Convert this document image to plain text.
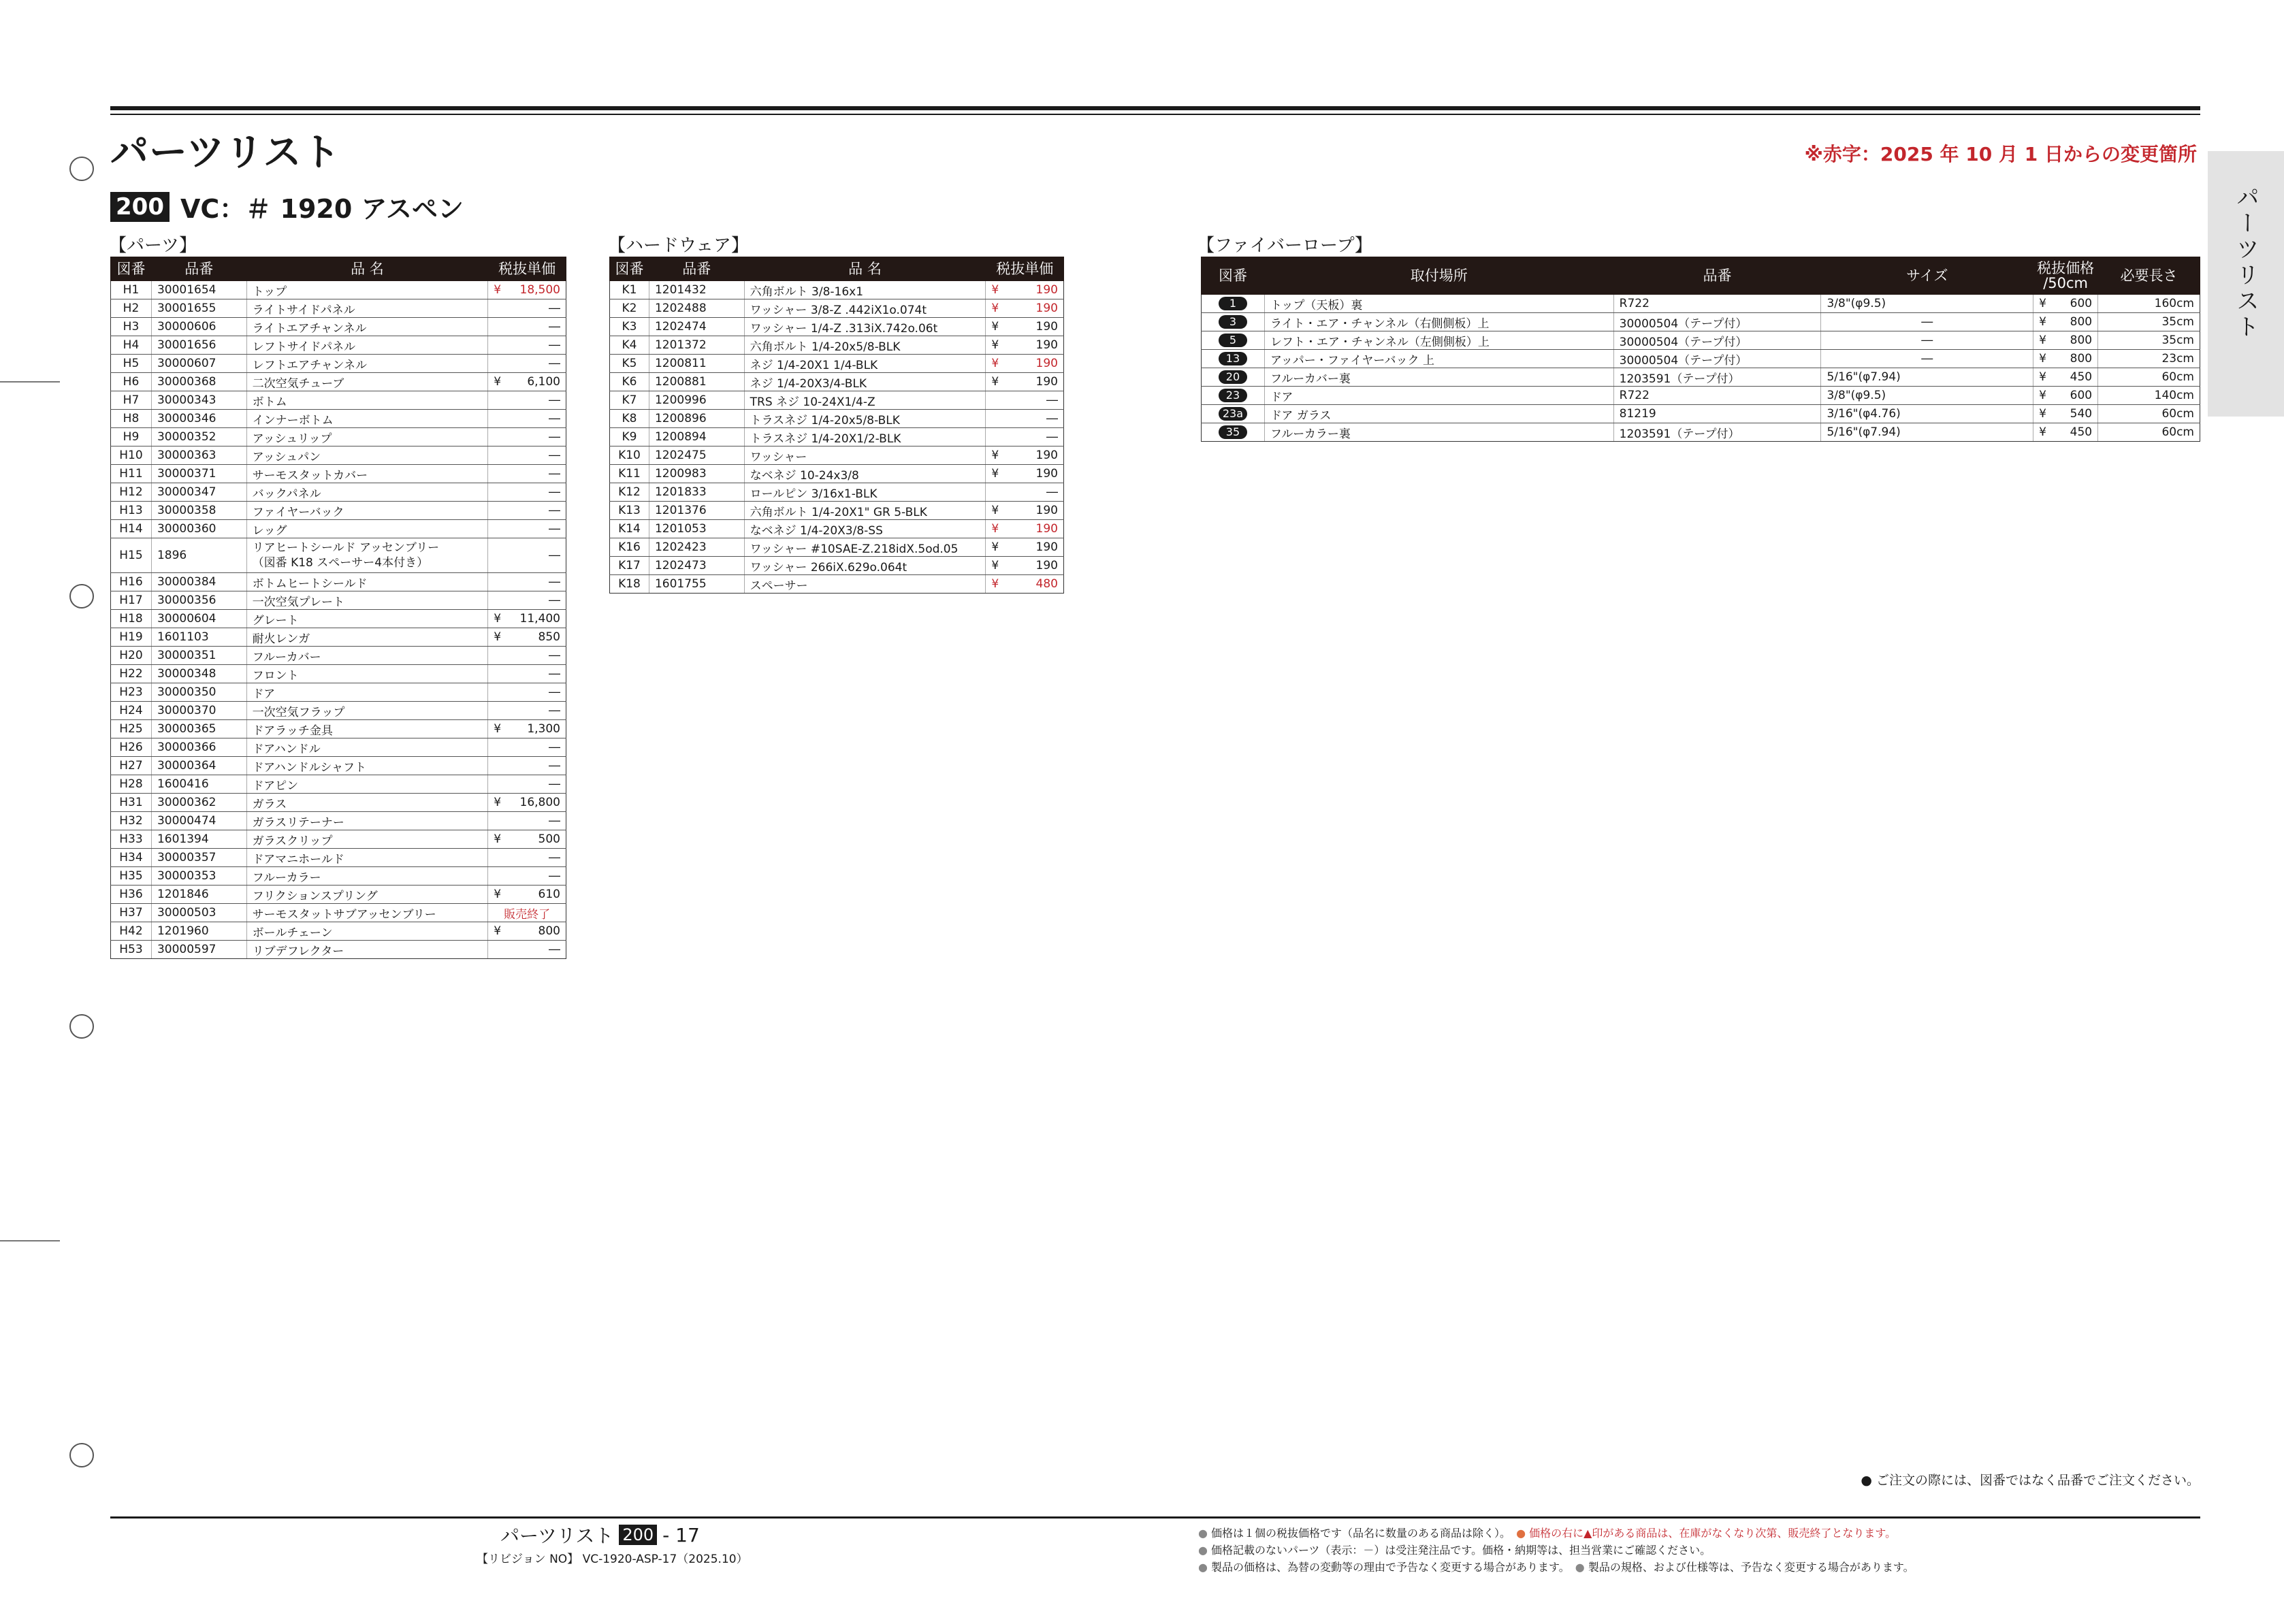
パーツリスト	※赤字：2025 年 10 月 1 日からの変更箇所
200 VC：＃ 1920 アスペン	パーツリスト
【パーツ】	【ハードウェア】	【ファイバーロープ】
図番	品番	品 名	税抜単価
H1	30001654	トップ	¥ 18,500
H2	30001655	ライトサイドパネル	―
H3	30000606	ライトエアチャンネル	―
H4	30001656	レフトサイドパネル	―
H5	30000607	レフトエアチャンネル	―
H6	30000368	二次空気チューブ	¥ 6,100
H7	30000343	ボトム	―
H8	30000346	インナーボトム	―
H9	30000352	アッシュリップ	―
H10	30000363	アッシュパン	―
H11	30000371	サーモスタットカバー	―
H12	30000347	バックパネル	―
H13	30000358	ファイヤーバック	―
H14	30000360	レッグ	―
H15	1896	リアヒートシールド アッセンブリー
（図番 K18 スペーサー4本付き）	―
H16	30000384	ボトムヒートシールド	―
H17	30000356	一次空気プレート	―
H18	30000604	グレート	¥ 11,400
H19	1601103	耐火レンガ	¥ 850
H20	30000351	フルーカバー	―
H22	30000348	フロント	―
H23	30000350	ドア	―
H24	30000370	一次空気フラップ	―
H25	30000365	ドアラッチ金具	¥ 1,300
H26	30000366	ドアハンドル	―
H27	30000364	ドアハンドルシャフト	―
H28	1600416	ドアピン	―
H31	30000362	ガラス	¥ 16,800
H32	30000474	ガラスリテーナー	―
H33	1601394	ガラスクリップ	¥ 500
H34	30000357	ドアマニホールド	―
H35	30000353	フルーカラー	―
H36	1201846	フリクションスプリング	¥ 610
H37	30000503	サーモスタットサブアッセンブリー	販売終了
H42	1201960	ボールチェーン	¥ 800
H53	30000597	リブデフレクター	―
図番	品番	品 名	税抜単価
K1	1201432	六角ボルト 3/8-16x1	¥ 190
K2	1202488	ワッシャー 3/8-Z .442iX1o.074t	¥ 190
K3	1202474	ワッシャー 1/4-Z .313iX.742o.06t	¥ 190
K4	1201372	六角ボルト 1/4-20x5/8-BLK	¥ 190
K5	1200811	ネジ 1/4-20X1 1/4-BLK	¥ 190
K6	1200881	ネジ 1/4-20X3/4-BLK	¥ 190
K7	1200996	TRS ネジ 10-24X1/4-Z	―
K8	1200896	トラスネジ 1/4-20x5/8-BLK	―
K9	1200894	トラスネジ 1/4-20X1/2-BLK	―
K10	1202475	ワッシャー	¥ 190
K11	1200983	なベネジ 10-24x3/8	¥ 190
K12	1201833	ロールピン 3/16x1-BLK	―
K13	1201376	六角ボルト 1/4-20X1" GR 5-BLK	¥ 190
K14	1201053	なベネジ 1/4-20X3/8-SS	¥ 190
K16	1202423	ワッシャー #10SAE-Z.218idX.5od.05	¥ 190
K17	1202473	ワッシャー 266iX.629o.064t	¥ 190
K18	1601755	スペーサー	¥ 480
図番	取付場所	品番	サイズ	税抜価格
/50cm	必要長さ
1	トップ（天板）裏	R722	3/8"(φ9.5)	¥ 600	160cm
3	ライト・エア・チャンネル（右側側板）上	30000504（テープ付）	―	¥ 800	35cm
5	レフト・エア・チャンネル（左側側板）上	30000504（テープ付）	―	¥ 800	35cm
13	アッパー・ファイヤーバック 上	30000504（テープ付）	―	¥ 800	23cm
20	フルーカバー裏	1203591（テープ付）	5/16"(φ7.94)	¥ 450	60cm
23	ドア	R722	3/8"(φ9.5)	¥ 600	140cm
23a	ドア ガラス	81219	3/16"(φ4.76)	¥ 540	60cm
35	フルーカラー裏	1203591（テープ付）	5/16"(φ7.94)	¥ 450	60cm
● ご注文の際には、図番ではなく品番でご注文ください。
パーツリスト 200 - 17
【リビジョン NO】 VC-1920-ASP-17（2025.10）
● 価格は１個の税抜価格です（品名に数量のある商品は除く）。　 ● 価格の右に▲印がある商品は、在庫がなくなり次第、販売終了となります。
● 価格記載のないパーツ（表示：－）は受注発注品です。価格・納期等は、担当営業にご確認ください。
● 製品の価格は、為替の変動等の理由で予告なく変更する場合があります。　 ● 製品の規格、および仕様等は、予告なく変更する場合があります。
